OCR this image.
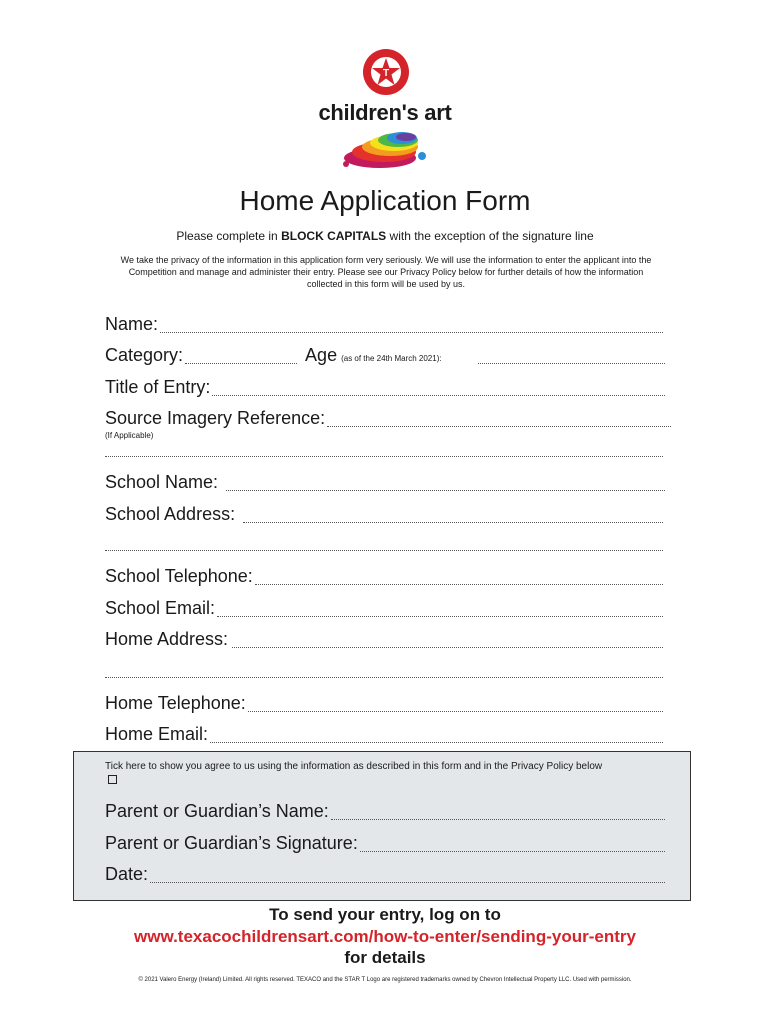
T
children's art
Home Application Form
Please complete in BLOCK CAPITALS with the exception of the signature line
We take the privacy of the information in this application form very seriously. We will use the information to enter the applicant into the Competition and manage and administer their entry. Please see our Privacy Policy below for further details of how the information collected in this form will be used by us.
Name:
Category:	Age (as of the 24th March 2021):
Title of Entry:
Source Imagery Reference:
(If Applicable)
School Name:
School Address:
School Telephone:
School Email:
Home Address:
Home Telephone:
Home Email:
Tick here to show you agree to us using the information as described in this form and in the Privacy Policy below
Parent or Guardian’s Name:
Parent or Guardian’s Signature:
Date:
To send your entry, log on to
www.texacochildrensart.com/how-to-enter/sending-your-entry
for details
© 2021 Valero Energy (Ireland) Limited. All rights reserved. TEXACO and the STAR T Logo are registered trademarks owned by Chevron Intellectual Property LLC. Used with permission.
